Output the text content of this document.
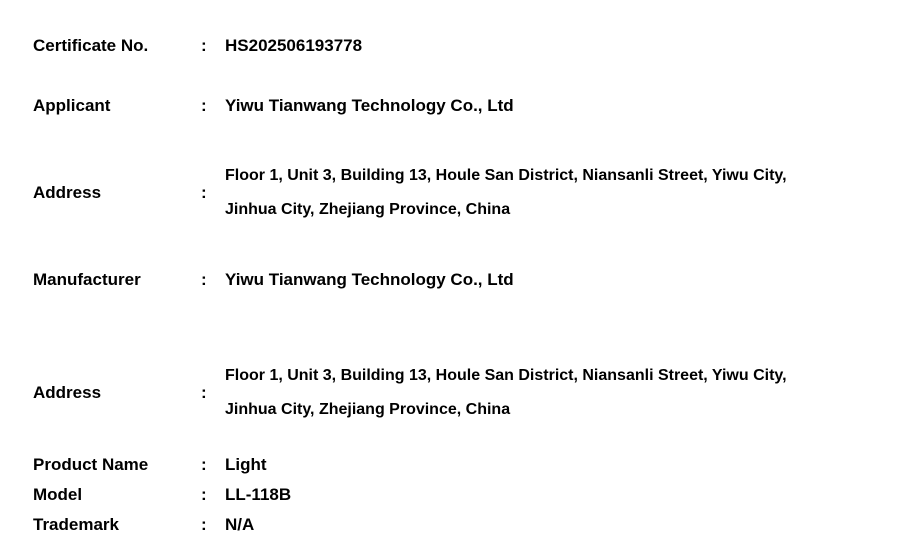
Certificate No.	:	HS202506193778
Applicant	:	Yiwu Tianwang Technology Co., Ltd
Address	:
Floor 1, Unit 3, Building 13, Houle San District, Niansanli Street, Yiwu City,
Jinhua City, Zhejiang Province, China
Manufacturer	:	Yiwu Tianwang Technology Co., Ltd
Address	:
Floor 1, Unit 3, Building 13, Houle San District, Niansanli Street, Yiwu City,
Jinhua City, Zhejiang Province, China
Product Name	:	Light
Model	:	LL-118B
Trademark	:	N/A
